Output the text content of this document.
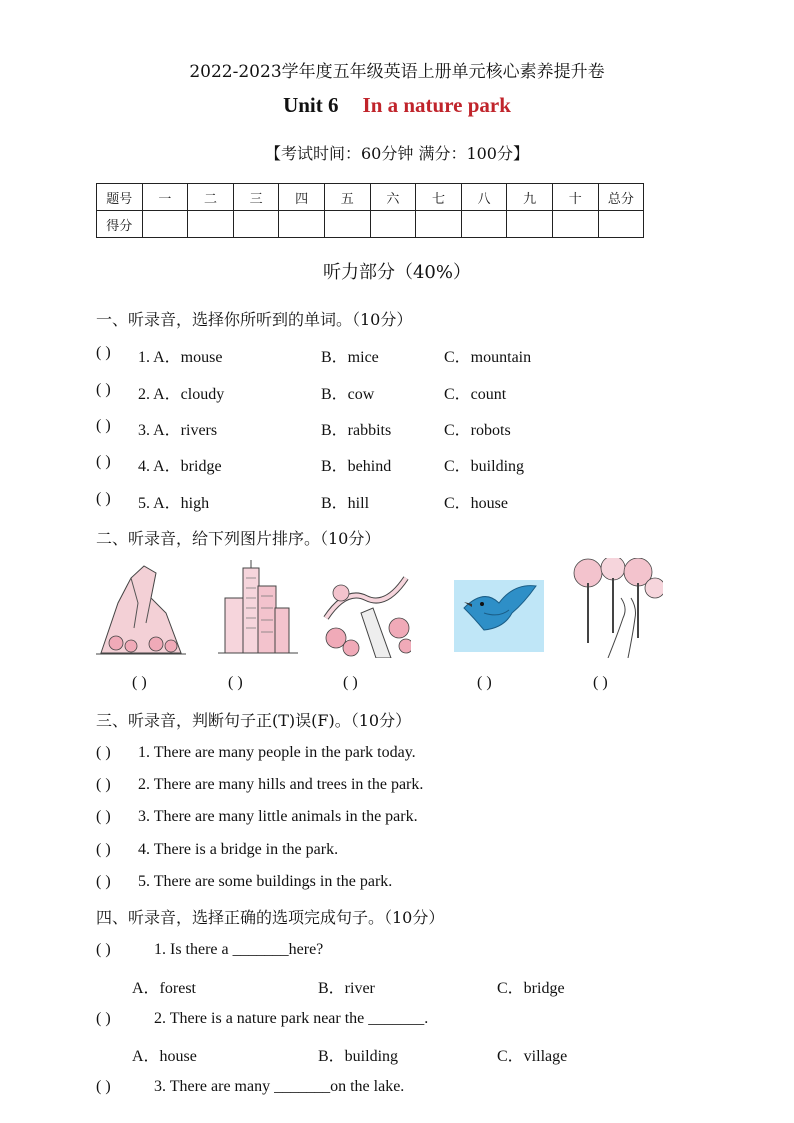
2022-2023学年度五年级英语上册单元核心素养提升卷
Unit 6 In a nature park
【考试时间：60分钟 满分：100分】
题号	一	二	三	四	五	六	七	八	九	十	总分
得分											
听力部分（40%）
一、听录音，选择你所听到的单词。（10分）
( ) 1. A．mouse	B．mice	C．mountain
( ) 2. A．cloudy	B．cow	C．count
( ) 3. A．rivers	B．rabbits	C．robots
( ) 4. A．bridge	B．behind	C．building
( ) 5. A．high	B．hill	C．house
二、听录音，给下列图片排序。（10分）
( )	( )	( )	( )	( )
三、听录音，判断句子正(T)误(F)。（10分）
( ) 1. There are many people in the park today.
( ) 2. There are many hills and trees in the park.
( ) 3. There are many little animals in the park.
( ) 4. There is a bridge in the park.
( ) 5. There are some buildings in the park.
四、听录音，选择正确的选项完成句子。（10分）
( )	1. Is there a _______here?
A．forest	B．river	C．bridge
( )	2. There is a nature park near the _______.
A．house	B．building	C．village
( )	3. There are many _______on the lake.
